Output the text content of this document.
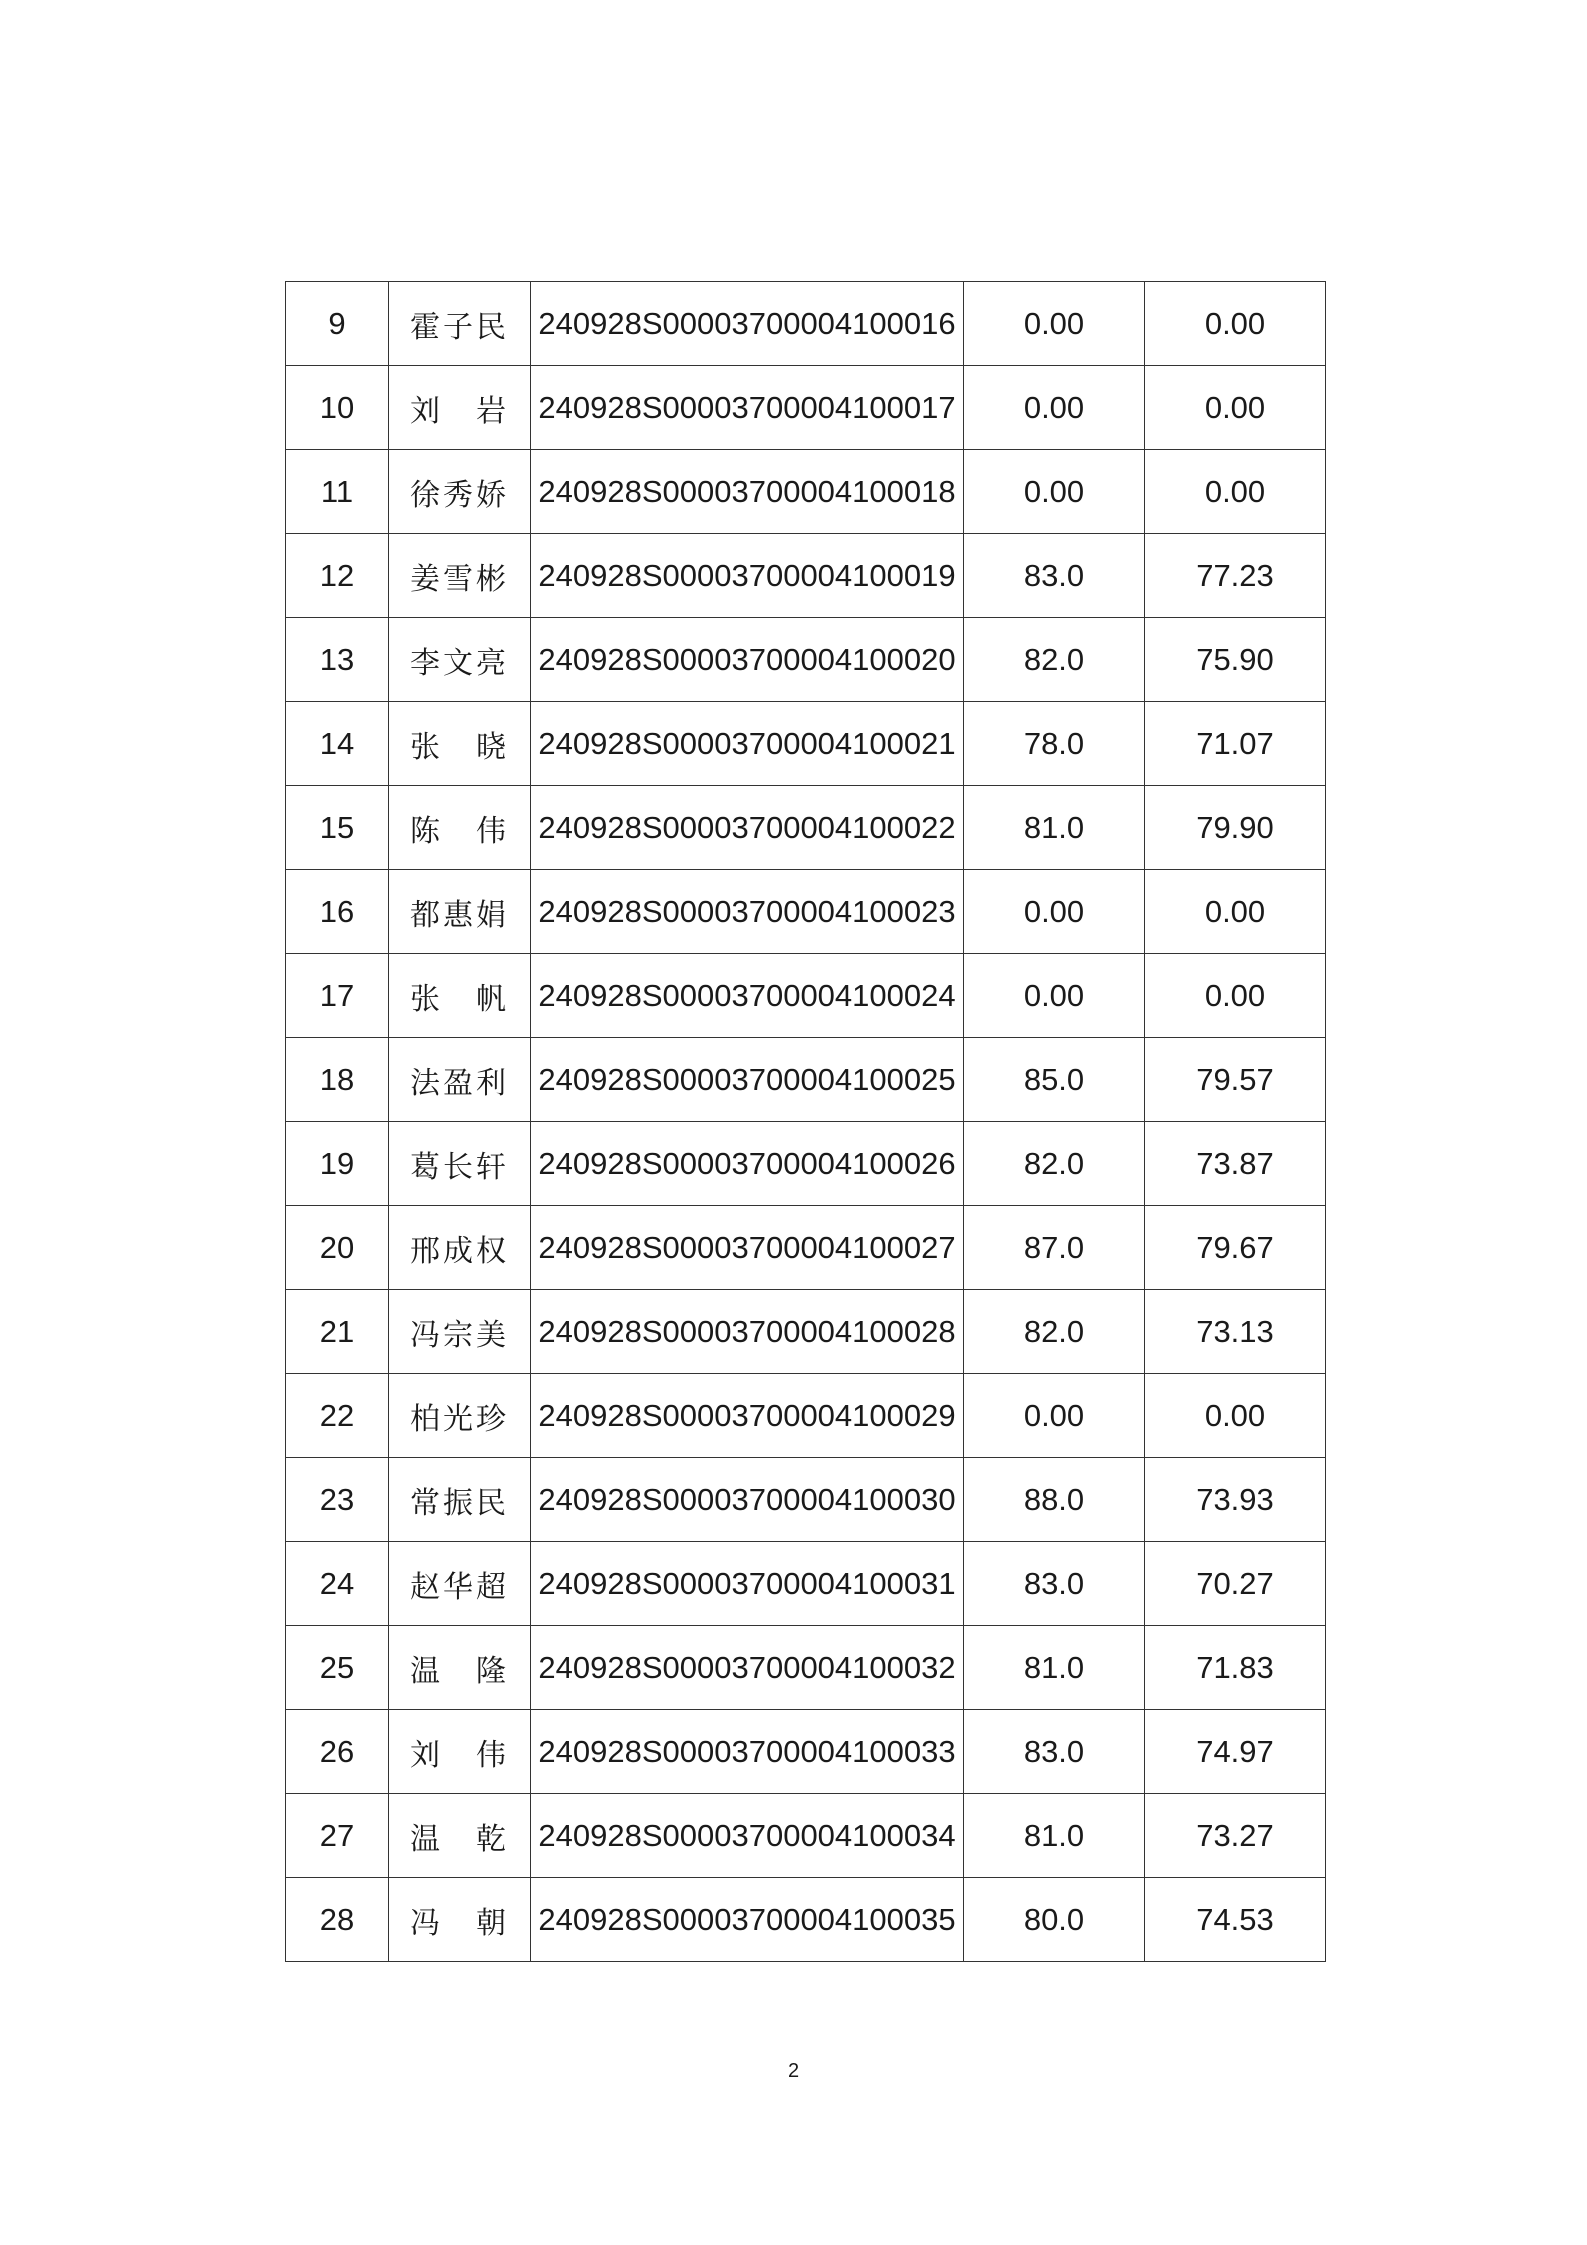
9	霍子民	240928S00003700004100016	0.00	0.00
10	刘　岩	240928S00003700004100017	0.00	0.00
11	徐秀娇	240928S00003700004100018	0.00	0.00
12	姜雪彬	240928S00003700004100019	83.0	77.23
13	李文亮	240928S00003700004100020	82.0	75.90
14	张　晓	240928S00003700004100021	78.0	71.07
15	陈　伟	240928S00003700004100022	81.0	79.90
16	都惠娟	240928S00003700004100023	0.00	0.00
17	张　帆	240928S00003700004100024	0.00	0.00
18	法盈利	240928S00003700004100025	85.0	79.57
19	葛长轩	240928S00003700004100026	82.0	73.87
20	邢成权	240928S00003700004100027	87.0	79.67
21	冯宗美	240928S00003700004100028	82.0	73.13
22	柏光珍	240928S00003700004100029	0.00	0.00
23	常振民	240928S00003700004100030	88.0	73.93
24	赵华超	240928S00003700004100031	83.0	70.27
25	温　隆	240928S00003700004100032	81.0	71.83
26	刘　伟	240928S00003700004100033	83.0	74.97
27	温　乾	240928S00003700004100034	81.0	73.27
28	冯　朝	240928S00003700004100035	80.0	74.53
2
